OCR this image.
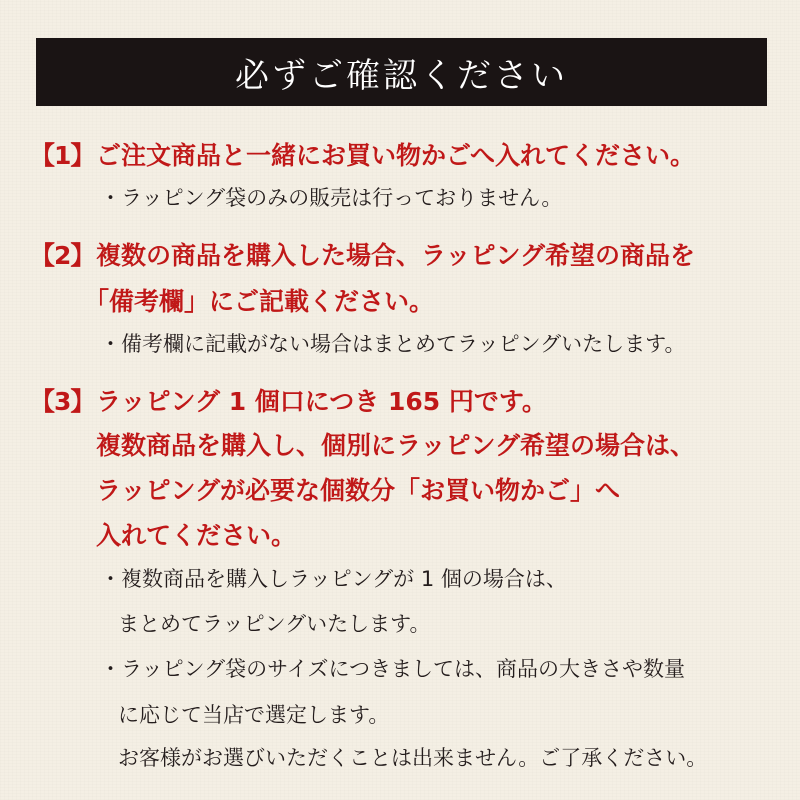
必ずご確認ください
【1】 ご注文商品と一緒にお買い物かごへ入れてください。
・ラッピング袋のみの販売は行っておりません。
【2】 複数の商品を購入した場合、ラッピング希望の商品を
「備考欄」にご記載ください。
・備考欄に記載がない場合はまとめてラッピングいたします。
【3】 ラッピング 1 個口につき 165 円です。
複数商品を購入し、個別にラッピング希望の場合は、
ラッピングが必要な個数分「お買い物かご」へ
入れてください。
・複数商品を購入しラッピングが 1 個の場合は、
まとめてラッピングいたします。
・ラッピング袋のサイズにつきましては、商品の大きさや数量
に応じて当店で選定します。
お客様がお選びいただくことは出来ません。ご了承ください。
